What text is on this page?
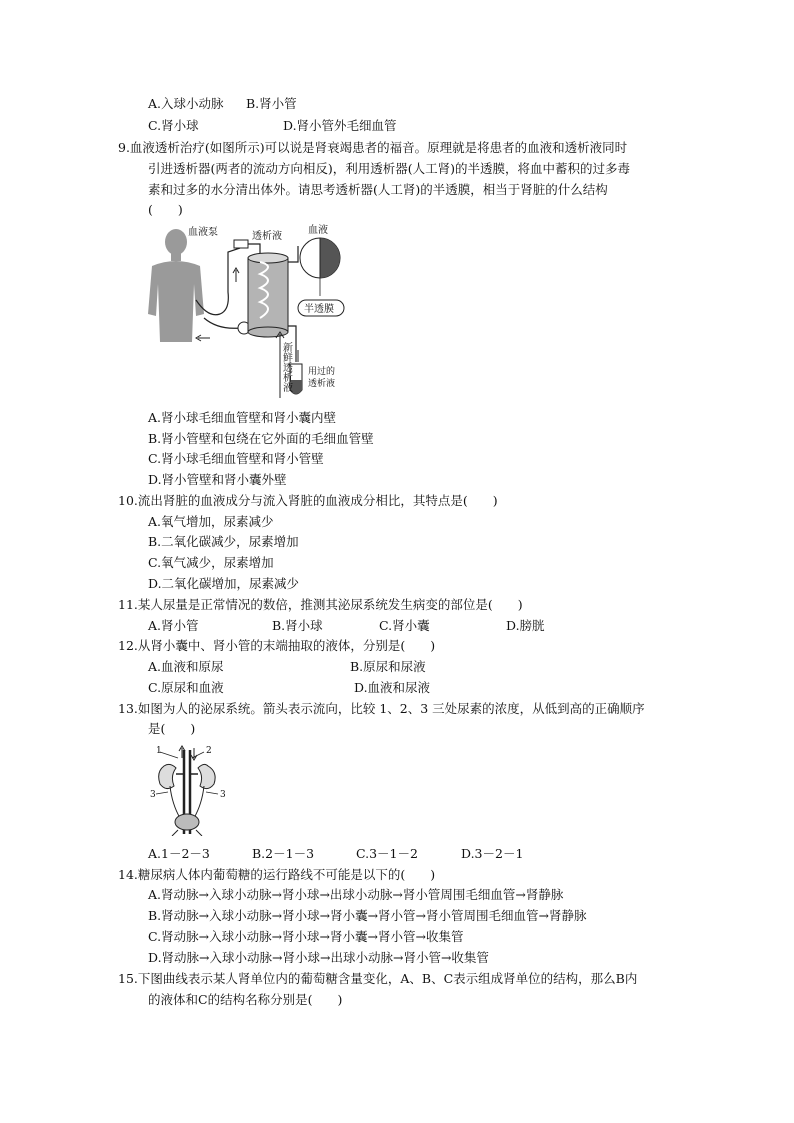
A.入球小动脉 B.肾小管
C.肾小球	D.肾小管外毛细血管
9.血液透析治疗(如图所示)可以说是肾衰竭患者的福音。原理就是将患者的血液和透析液同时
引进透析器(两者的流动方向相反)，利用透析器(人工肾)的半透膜，将血中蓄积的过多毒
素和过多的水分清出体外。请思考透析器(人工肾)的半透膜，相当于肾脏的什么结构
(　　)
血液泵	透析液
血液
半透膜
新鲜透析液 用过的
透析液
A.肾小球毛细血管壁和肾小囊内壁
B.肾小管壁和包绕在它外面的毛细血管壁
C.肾小球毛细血管壁和肾小管壁
D.肾小管壁和肾小囊外壁
10.流出肾脏的血液成分与流入肾脏的血液成分相比，其特点是(　　)
A.氧气增加，尿素减少
B.二氧化碳减少，尿素增加
C.氧气减少，尿素增加
D.二氧化碳增加，尿素减少
11.某人尿量是正常情况的数倍，推测其泌尿系统发生病变的部位是(　　)
A.肾小管	B.肾小球	C.肾小囊	D.膀胱
12.从肾小囊中、肾小管的末端抽取的液体，分别是(　　)
A.血液和原尿	B.原尿和尿液
C.原尿和血液	D.血液和尿液
13.如图为人的泌尿系统。箭头表示流向，比较 1、2、3 三处尿素的浓度，从低到高的正确顺序
是(　　)
1	2
3	3
A.1－2－3	B.2－1－3	C.3－1－2	D.3－2－1
14.糖尿病人体内葡萄糖的运行路线不可能是以下的(　　)
A.肾动脉→入球小动脉→肾小球→出球小动脉→肾小管周围毛细血管→肾静脉
B.肾动脉→入球小动脉→肾小球→肾小囊→肾小管→肾小管周围毛细血管→肾静脉
C.肾动脉→入球小动脉→肾小球→肾小囊→肾小管→收集管
D.肾动脉→入球小动脉→肾小球→出球小动脉→肾小管→收集管
15.下图曲线表示某人肾单位内的葡萄糖含量变化，A、B、C表示组成肾单位的结构，那么B内
的液体和C的结构名称分别是(　　)
